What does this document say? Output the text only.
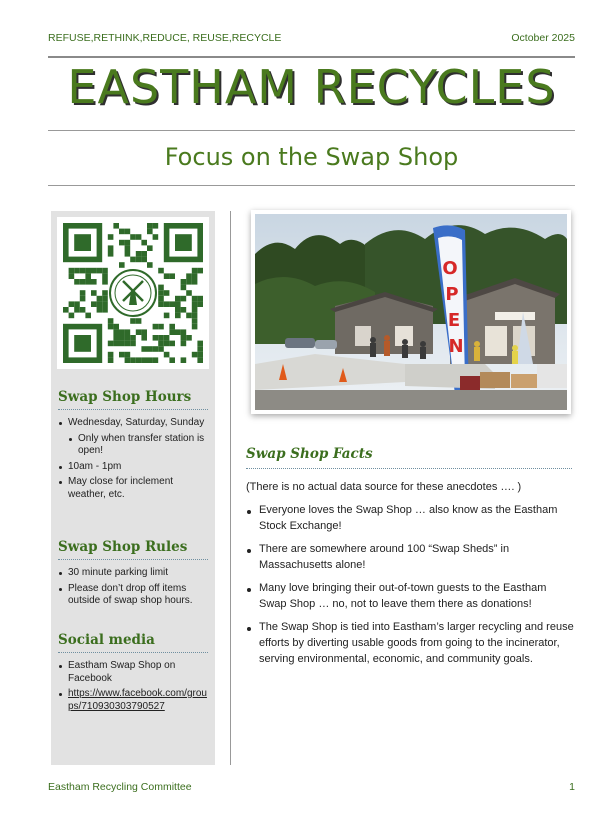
REFUSE,RETHINK,REDUCE, REUSE,RECYCLE	October 2025
EASTHAM RECYCLES
Focus on the Swap Shop
Swap Shop Hours
Wednesday, Saturday, Sunday
Only when transfer station is open!
10am - 1pm
May close for inclement weather, etc.
Swap Shop Rules
30 minute parking limit
Please don’t drop off items outside of swap shop hours.
Social media
Eastham Swap Shop on Facebook
https://www.facebook.com/groups/710930303790527
O
P
E
N
Swap Shop Facts
(There is no actual data source for these anecdotes …. )
Everyone loves the Swap Shop … also know as the Eastham Stock Exchange!
There are somewhere around 100 “Swap Sheds” in Massachusetts alone!
Many love bringing their out-of-town guests to the Eastham Swap Shop … no, not to leave them there as donations!
The Swap Shop is tied into Eastham’s larger recycling and reuse efforts by diverting usable goods from going to the incinerator, serving environmental, economic, and community goals.
Eastham Recycling Committee	1
